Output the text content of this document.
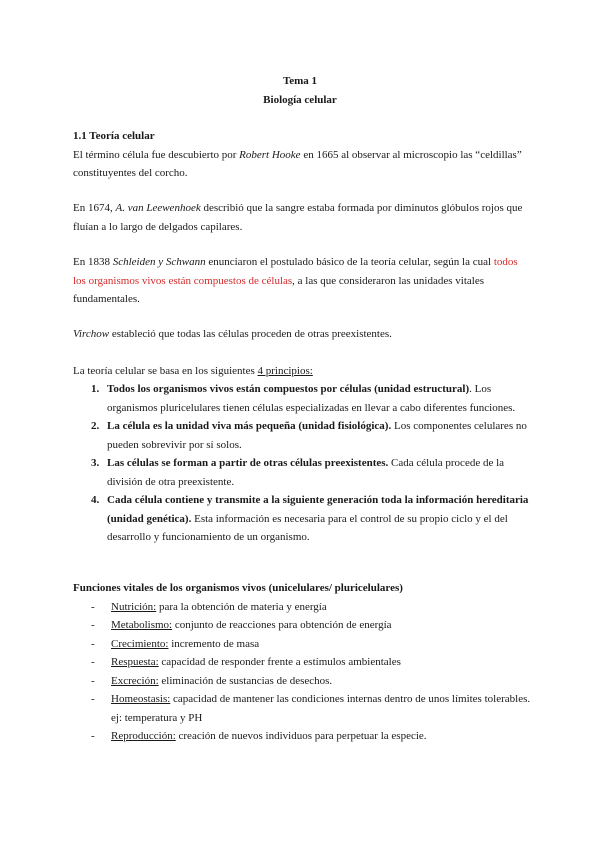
Tema 1
Biología celular
1.1 Teoría celular
El término célula fue descubierto por Robert Hooke en 1665 al observar al microscopio las “celdillas” constituyentes del corcho.
En 1674, A. van Leewenhoek describió que la sangre estaba formada por diminutos glóbulos rojos que fluían a lo largo de delgados capilares.
En 1838 Schleiden y Schwann enunciaron el postulado básico de la teoría celular, según la cual todos los organismos vivos están compuestos de células, a las que consideraron las unidades vitales fundamentales.
Virchow estableció que todas las células proceden de otras preexistentes.
La teoría celular se basa en los siguientes 4 principios:
1. Todos los organismos vivos están compuestos por células (unidad estructural). Los organismos pluricelulares tienen células especializadas en llevar a cabo diferentes funciones.
2. La célula es la unidad viva más pequeña (unidad fisiológica). Los componentes celulares no pueden sobrevivir por sí solos.
3. Las células se forman a partir de otras células preexistentes. Cada célula procede de la división de otra preexistente.
4. Cada célula contiene y transmite a la siguiente generación toda la información hereditaria (unidad genética). Esta información es necesaria para el control de su propio ciclo y el del desarrollo y funcionamiento de un organismo.
Funciones vitales de los organismos vivos (unicelulares/ pluricelulares)
- Nutrición: para la obtención de materia y energía
- Metabolismo: conjunto de reacciones para obtención de energía
- Crecimiento: incremento de masa
- Respuesta: capacidad de responder frente a estímulos ambientales
- Excreción: eliminación de sustancias de desechos.
- Homeostasis: capacidad de mantener las condiciones internas dentro de unos límites tolerables. ej: temperatura y PH
- Reproducción: creación de nuevos individuos para perpetuar la especie.
